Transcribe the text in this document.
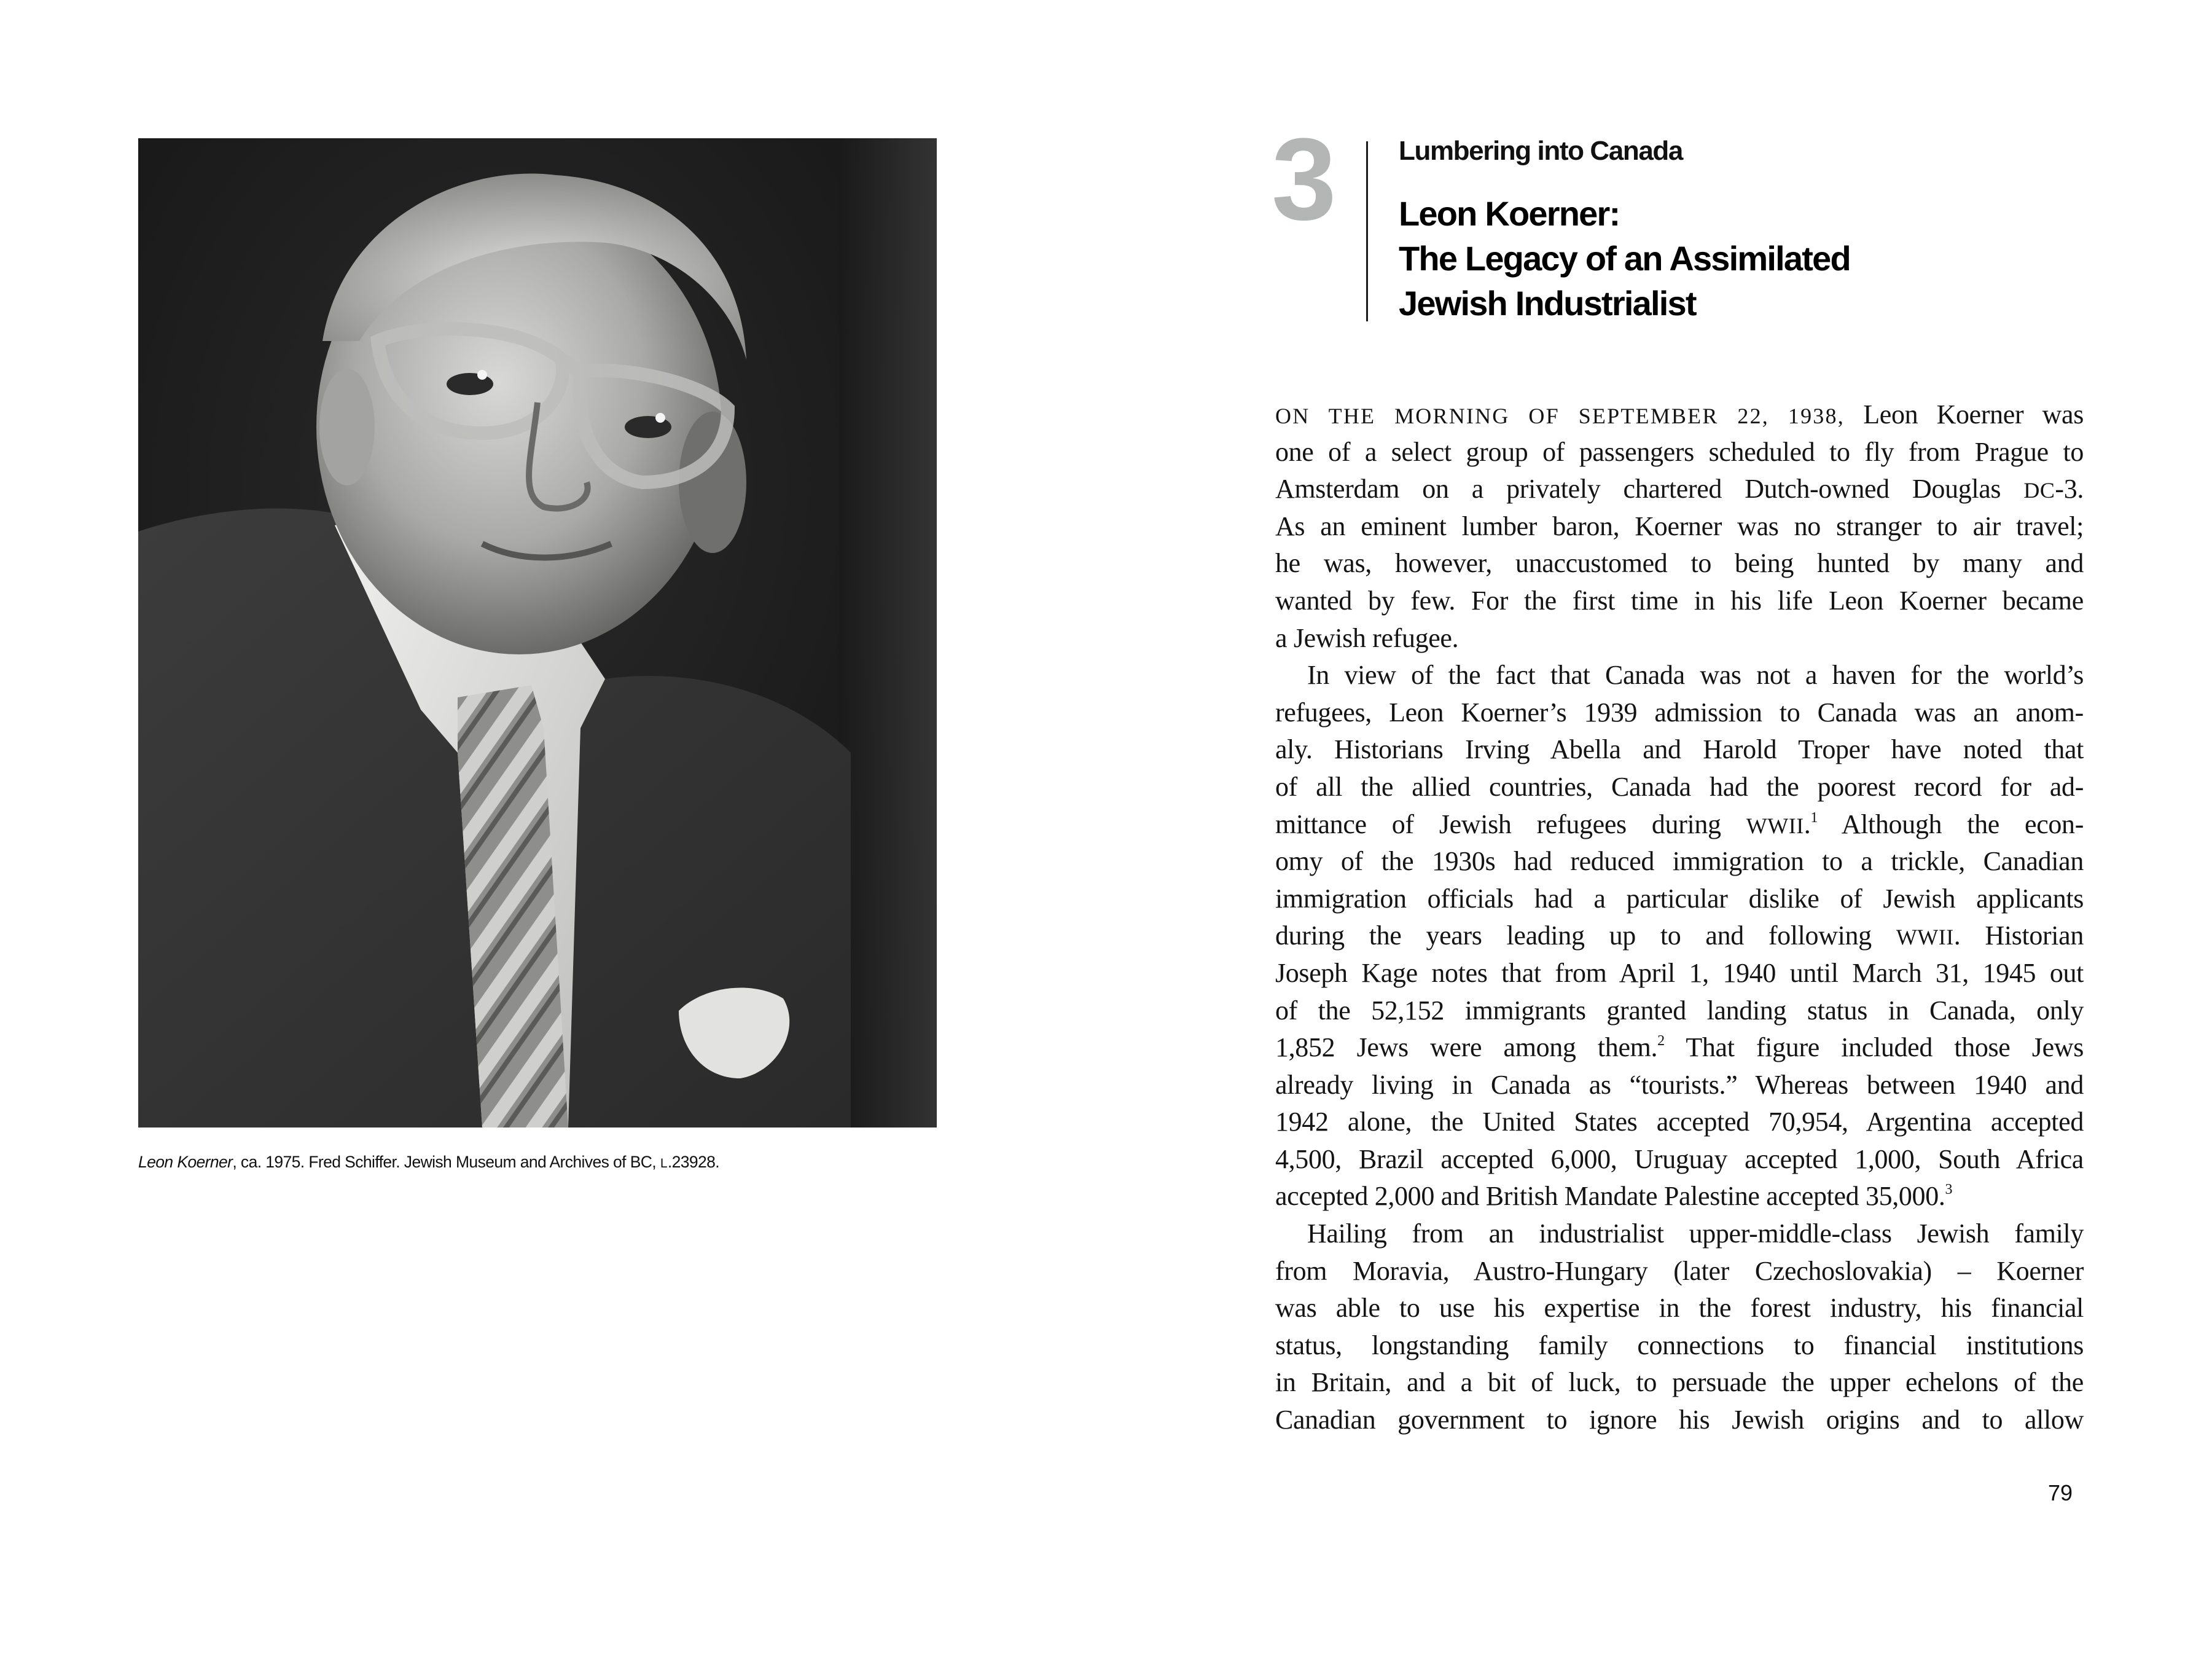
Leon Koerner, ca. 1975. Fred Schiffer. Jewish Museum and Archives of BC, L.23928.
3	Lumbering into Canada
Leon Koerner:
The Legacy of an Assimilated
Jewish Industrialist
ON THE MORNING OF SEPTEMBER 22, 1938, Leon Koerner was
one of a select group of passengers scheduled to fly from Prague to
Amsterdam on a privately chartered Dutch-owned Douglas DC-3.
As an eminent lumber baron, Koerner was no stranger to air travel;
he was, however, unaccustomed to being hunted by many and
wanted by few. For the first time in his life Leon Koerner became
a Jewish refugee.
In view of the fact that Canada was not a haven for the world’s
refugees, Leon Koerner’s 1939 admission to Canada was an anom-
aly. Historians Irving Abella and Harold Troper have noted that
of all the allied countries, Canada had the poorest record for ad-
mittance of Jewish refugees during WWII.$^1$ Although the econ-
omy of the 1930s had reduced immigration to a trickle, Canadian
immigration officials had a particular dislike of Jewish applicants
during the years leading up to and following WWII. Historian
Joseph Kage notes that from April 1, 1940 until March 31, 1945 out
of the 52,152 immigrants granted landing status in Canada, only
1,852 Jews were among them.$^2$ That figure included those Jews
already living in Canada as “tourists.” Whereas between 1940 and
1942 alone, the United States accepted 70,954, Argentina accepted
4,500, Brazil accepted 6,000, Uruguay accepted 1,000, South Africa
accepted 2,000 and British Mandate Palestine accepted 35,000.$^3$
Hailing from an industrialist upper-middle-class Jewish family
from Moravia, Austro-Hungary (later Czechoslovakia) – Koerner
was able to use his expertise in the forest industry, his financial
status, longstanding family connections to financial institutions
in Britain, and a bit of luck, to persuade the upper echelons of the
Canadian government to ignore his Jewish origins and to allow
79
